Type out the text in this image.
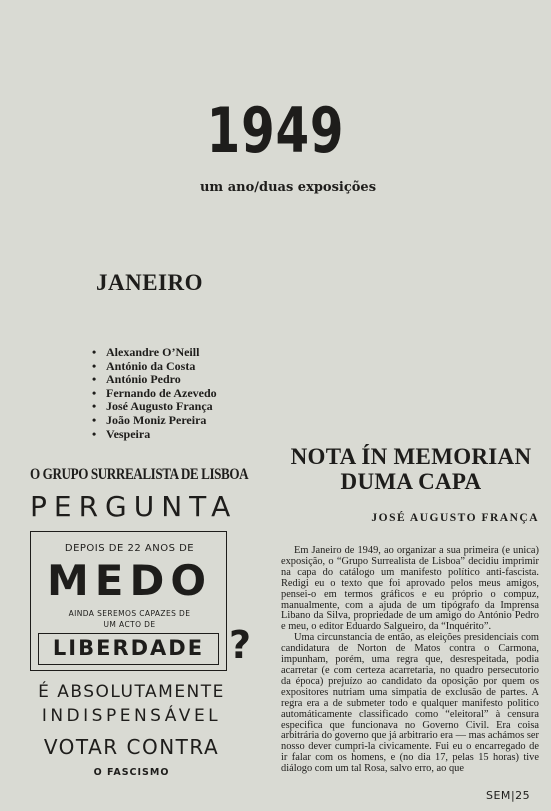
1949
um ano/duas exposições
JANEIRO
• Alexandre O’Neill
• António da Costa
• António Pedro
• Fernando de Azevedo
• José Augusto França
• João Moniz Pereira
• Vespeira
O GRUPO SURREALISTA DE LISBOA
PERGUNTA
DEPOIS DE 22 ANOS DE
MEDO
AINDA SEREMOS CAPAZES DE
UM ACTO DE
LIBERDADE ?
É ABSOLUTAMENTE
INDISPENSÁVEL
VOTAR CONTRA
O FASCISMO
NOTA ÍN MEMORIAN
DUMA CAPA
JOSÉ AUGUSTO FRANÇA

Em Janeiro de 1949, ao organizar a sua primeira (e unica) exposição, o “Grupo Surrealista de Lisboa” decidiu imprimir na capa do catálogo um manifesto político anti-fascista. Redigi eu o texto que foi aprovado pelos meus amigos, pensei-o em termos gráficos e eu próprio o compuz, manualmente, com a ajuda de um tipógrafo da Imprensa Libano da Silva, propriedade de um amigo do António Pedro e meu, o editor Eduardo Salgueiro, da “Inquérito”.

Uma circunstancia de então, as eleições presidenciais com candidatura de Norton de Matos contra o Carmona, impunham, porém, uma regra que, desrespeitada, podia acarretar (e com certeza acarretaria, no quadro persecutorio da época) prejuízo ao candidato da oposição por quem os expositores nutriam uma simpatia de exclusão de partes. A regra era a de submeter todo e qualquer manifesto politico automáticamente classificado como “eleitoral” à censura especifica que funcionava no Governo Civil. Era coisa arbitrária do governo que já arbitrario era — mas achámos ser nosso dever cumpri-la civicamente. Fui eu o encarregado de ir falar com os homens, e (no dia 17, pelas 15 horas) tive diálogo com um tal Rosa, salvo erro, ao que

SEM|25
